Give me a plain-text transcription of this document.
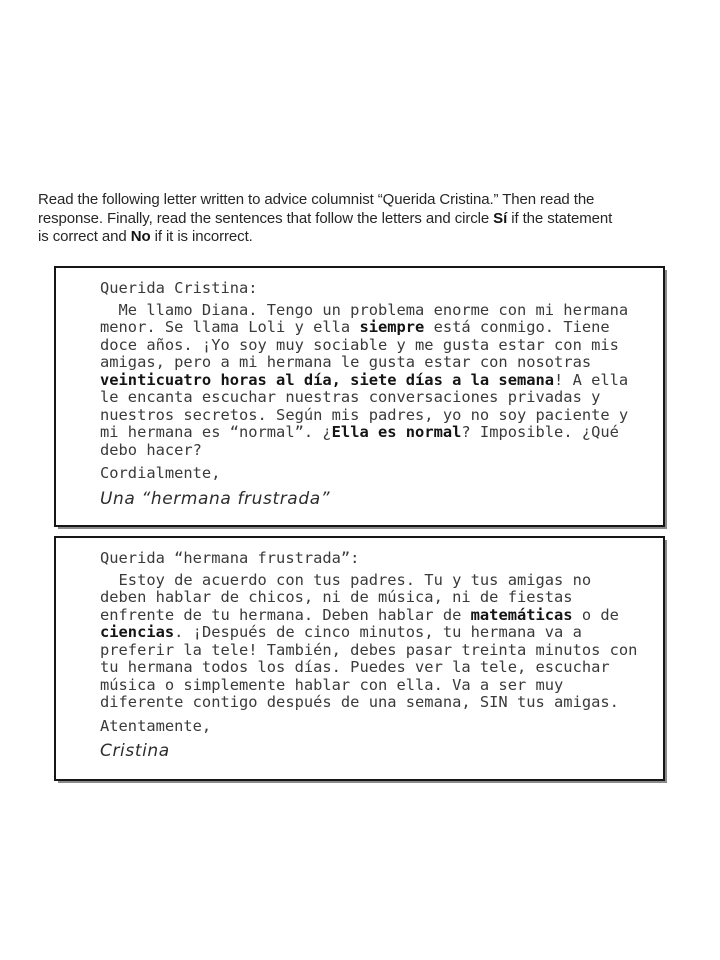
Read the following letter written to advice columnist “Querida Cristina.” Then read the
response. Finally, read the sentences that follow the letters and circle Sí if the statement
is correct and No if it is incorrect.
Querida Cristina:
Me llamo Diana. Tengo un problema enorme con mi hermana
menor. Se llama Loli y ella siempre está conmigo. Tiene
doce años. ¡Yo soy muy sociable y me gusta estar con mis
amigas, pero a mi hermana le gusta estar con nosotras
veinticuatro horas al día, siete días a la semana! A ella
le encanta escuchar nuestras conversaciones privadas y
nuestros secretos. Según mis padres, yo no soy paciente y
mi hermana es “normal”. ¿Ella es normal? Imposible. ¿Qué
debo hacer?
Cordialmente,
Una “hermana frustrada”
Querida “hermana frustrada”:
Estoy de acuerdo con tus padres. Tu y tus amigas no
deben hablar de chicos, ni de música, ni de fiestas
enfrente de tu hermana. Deben hablar de matemáticas o de
ciencias. ¡Después de cinco minutos, tu hermana va a
preferir la tele! También, debes pasar treinta minutos con
tu hermana todos los días. Puedes ver la tele, escuchar
música o simplemente hablar con ella. Va a ser muy
diferente contigo después de una semana, SIN tus amigas.
Atentamente,
Cristina
